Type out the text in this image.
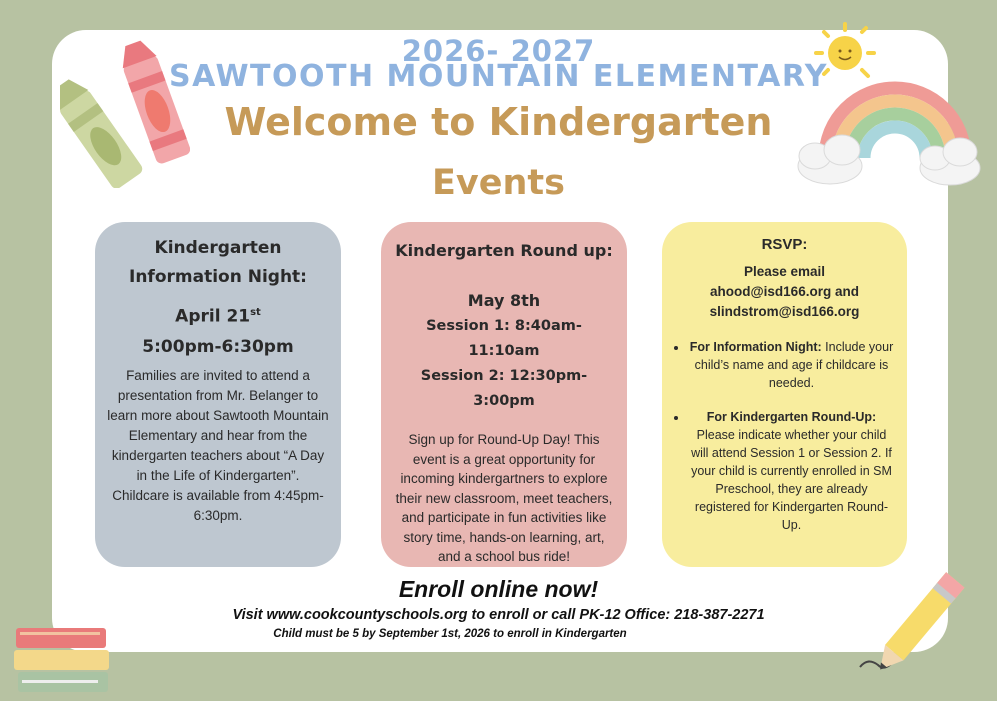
2026- 2027
SAWTOOTH MOUNTAIN ELEMENTARY
Welcome to Kindergarten
Events
Kindergarten
Information Night:
April 21st
5:00pm-6:30pm
Families are invited to attend a presentation from Mr. Belanger to learn more about Sawtooth Mountain Elementary and hear from the kindergarten teachers about “A Day in the Life of Kindergarten”.
Childcare is available from 4:45pm-6:30pm.
Kindergarten Round up:
May 8th
Session 1: 8:40am-11:10am
Session 2: 12:30pm-3:00pm
Sign up for Round-Up Day! This event is a great opportunity for incoming kindergartners to explore their new classroom, meet teachers, and participate in fun activities like story time, hands-on learning, art, and a school bus ride!
RSVP:
Please email
ahood@isd166.org and
slindstrom@isd166.org
• For Information Night: Include your child’s name and age if childcare is needed.
• For Kindergarten Round-Up: Please indicate whether your child will attend Session 1 or Session 2. If your child is currently enrolled in SM Preschool, they are already registered for Kindergarten Round-Up.
Enroll online now!
Visit www.cookcountyschools.org to enroll or call PK-12 Office: 218-387-2271
Child must be 5 by September 1st, 2026 to enroll in Kindergarten
